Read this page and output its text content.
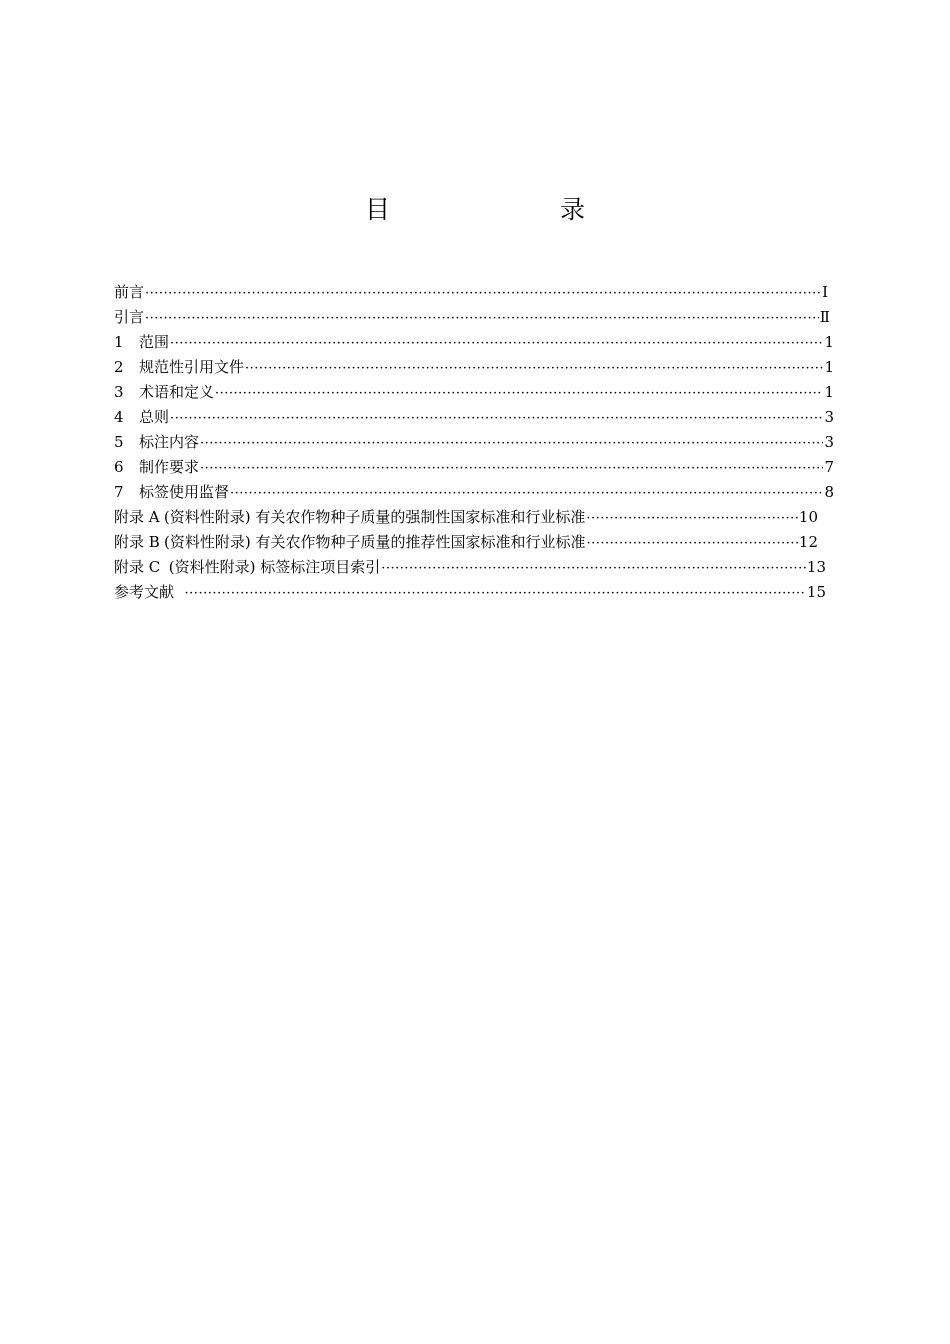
目　　录
前言 ·····	Ⅰ
引言 ·····	Ⅱ
1	范围 ·····	1
2	规范性引用文件 ·····	1
3	术语和定义 ·····	1
4	总则 ·····	3
5	标注内容 ·····	3
6	制作要求 ·····	7
7	标签使用监督 ·····	8
附录 A (资料性附录) 有关农作物种子质量的强制性国家标准和行业标准 ·····	10
附录 B (资料性附录) 有关农作物种子质量的推荐性国家标准和行业标准 ·····	12
附录 C (资料性附录) 标签标注项目索引 ·····	13
参考文献 ·····	15
